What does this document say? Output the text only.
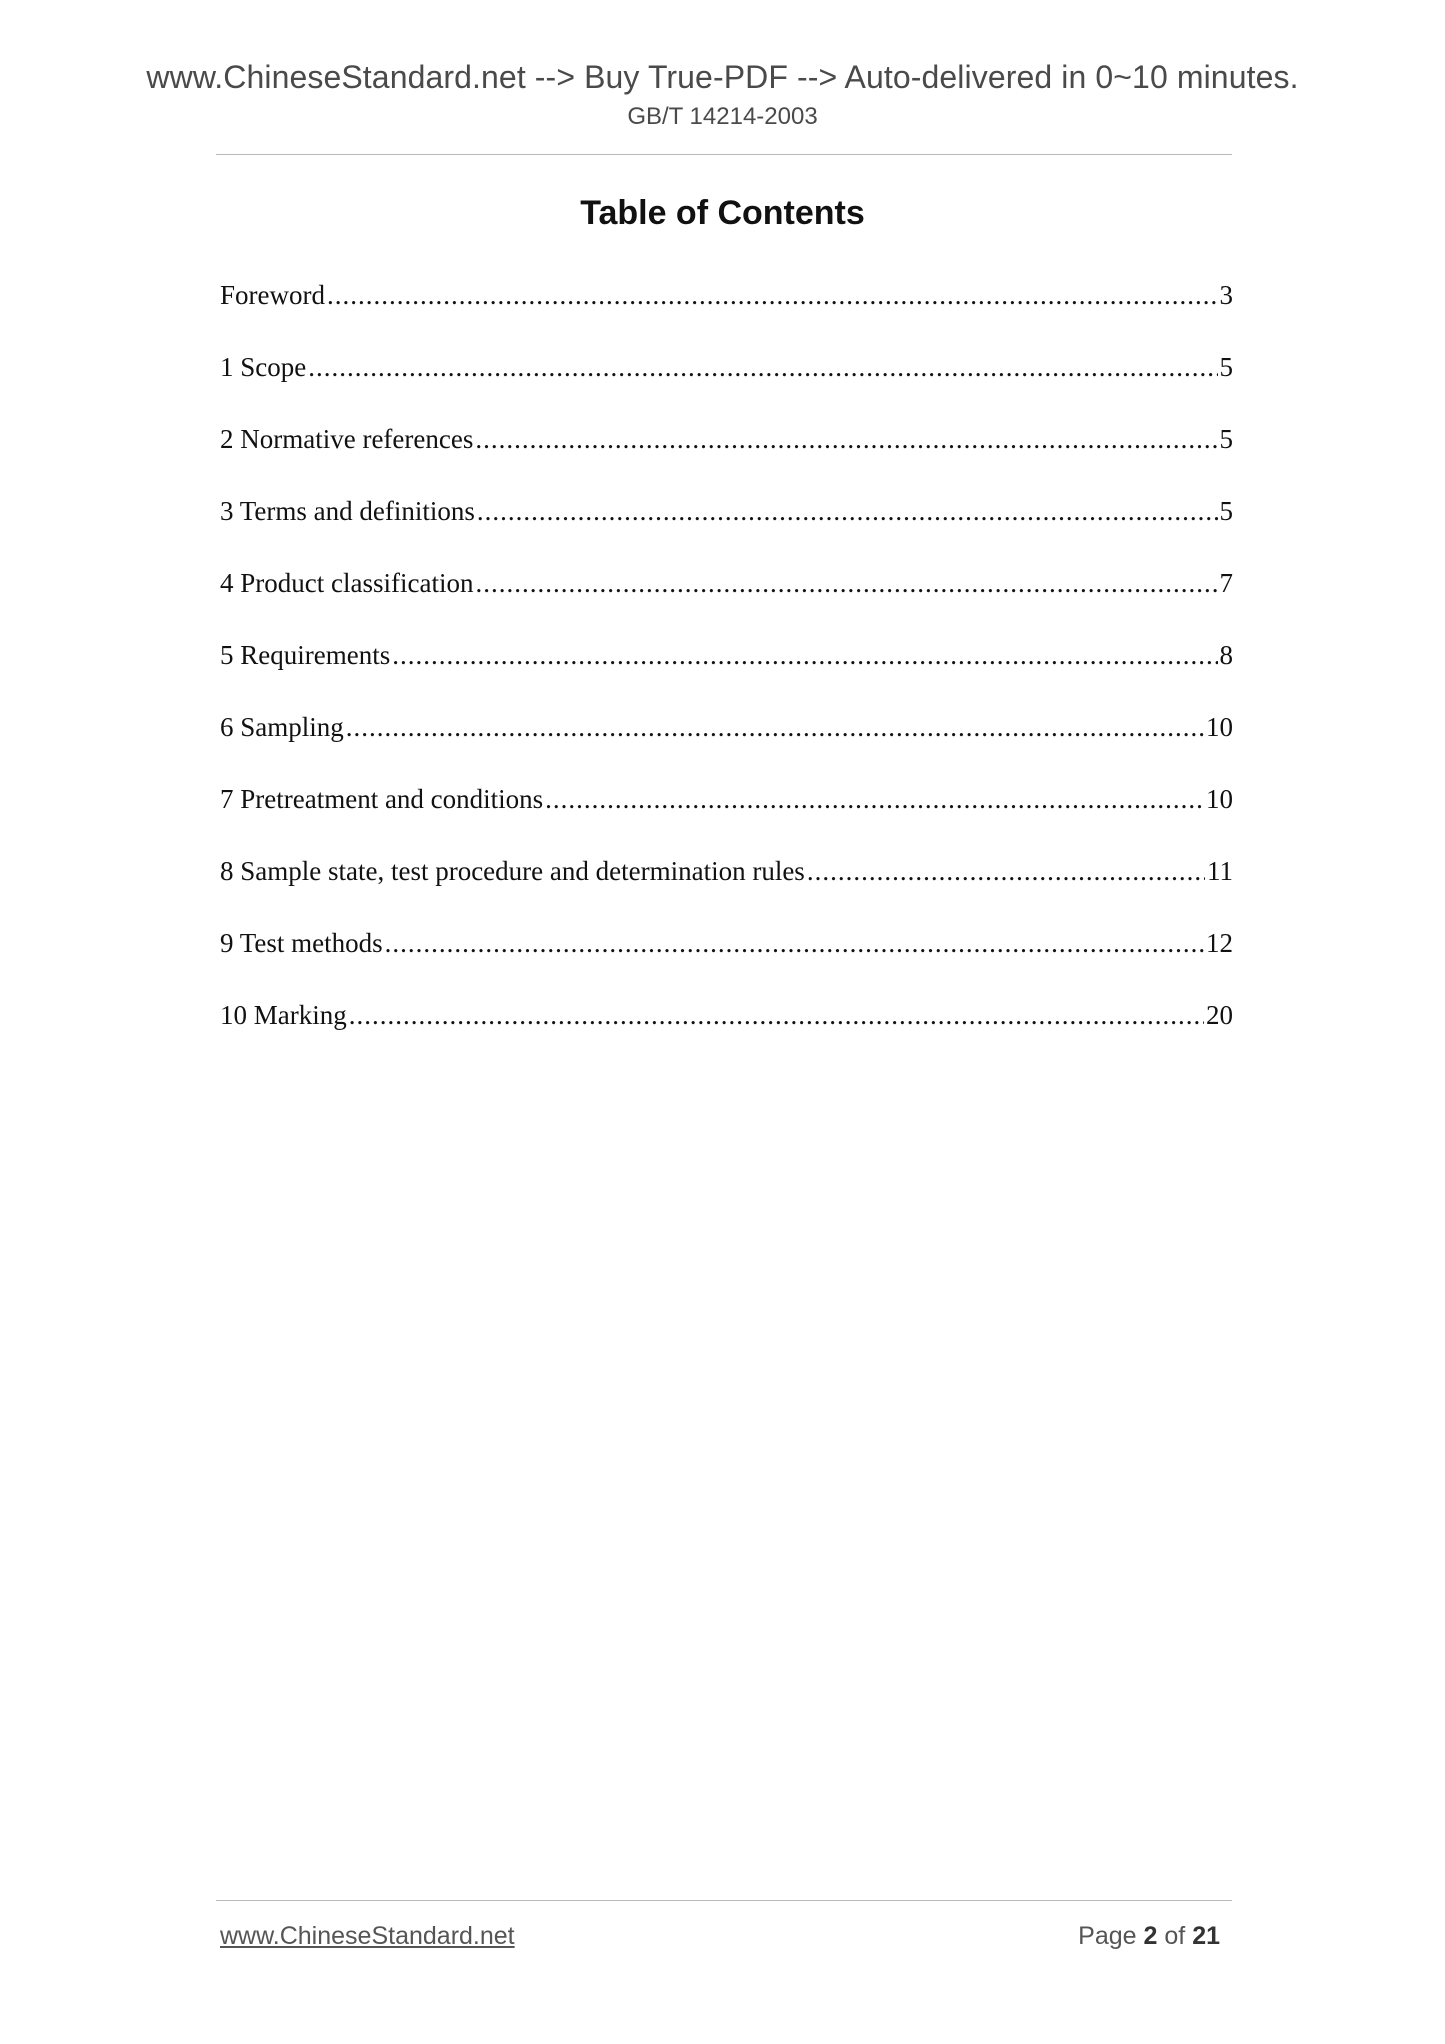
www.ChineseStandard.net --> Buy True-PDF --> Auto-delivered in 0~10 minutes.
GB/T 14214-2003
Table of Contents
Foreword .....	3
1 Scope .....	5
2 Normative references .....	5
3 Terms and definitions .....	5
4 Product classification .....	7
5 Requirements .....	8
6 Sampling .....	10
7 Pretreatment and conditions .....	10
8 Sample state, test procedure and determination rules .....	11
9 Test methods .....	12
10 Marking .....	20
www.ChineseStandard.net	Page 2 of 21
